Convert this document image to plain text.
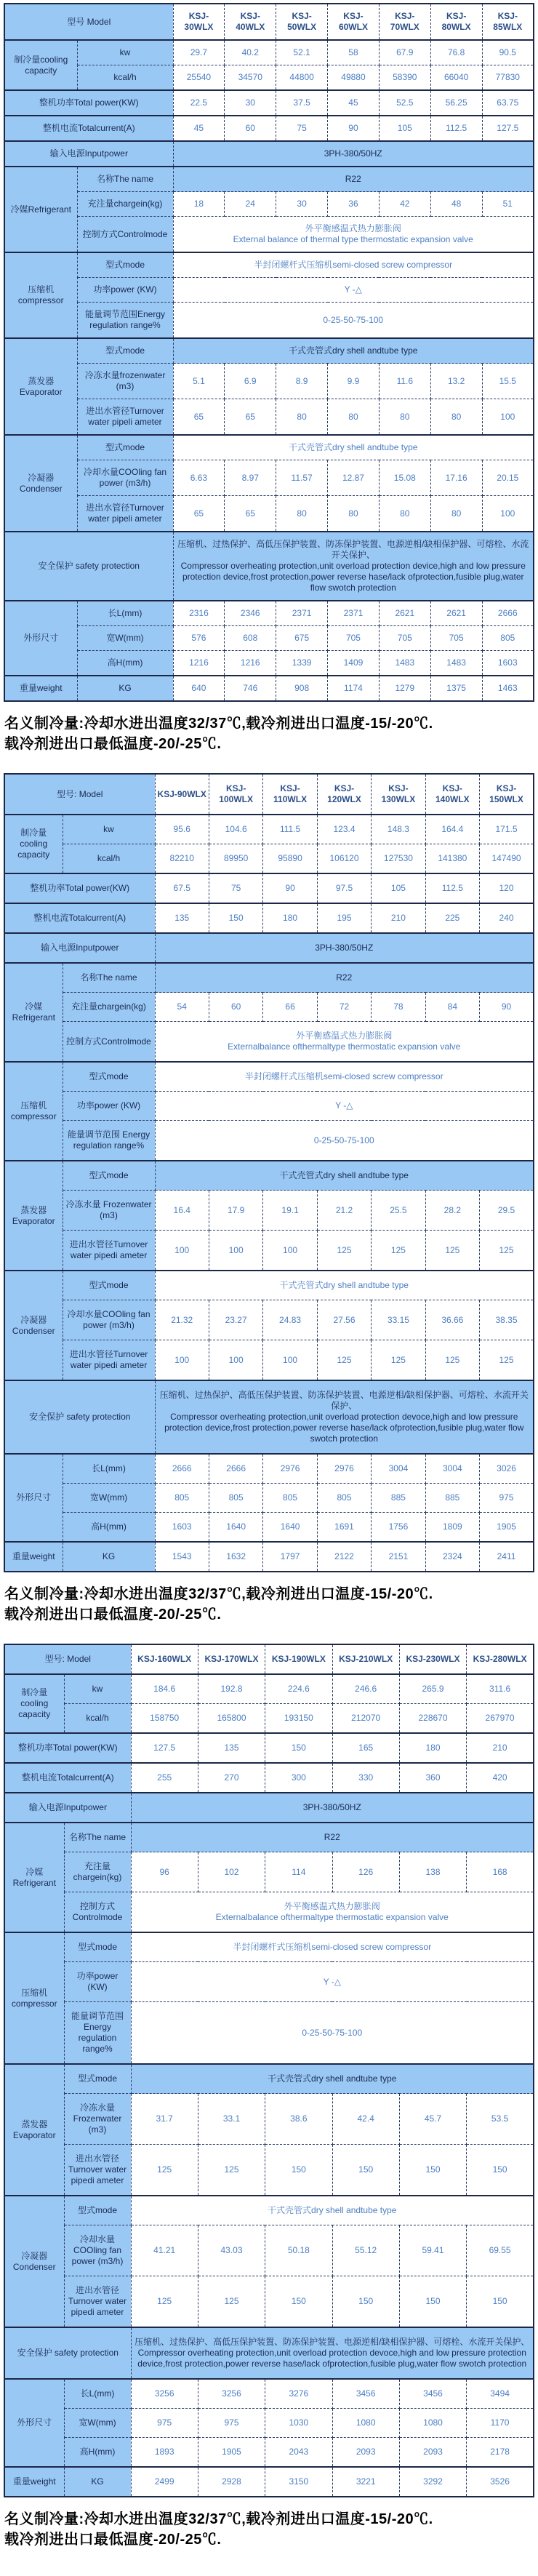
型号 Model		KSJ-30WLX	KSJ-40WLX	KSJ-50WLX	KSJ-60WLX	KSJ-70WLX	KSJ-80WLX	KSJ-85WLX
制冷量cooling capacity	kw	29.7	40.2	52.1	58	67.9	76.8	90.5
	kcal/h	25540	34570	44800	49880	58390	66040	77830
整机功率Total power(KW)		22.5	30	37.5	45	52.5	56.25	63.75
整机电流Totalcurrent(A)		45	60	75	90	105	112.5	127.5
输入电源Inputpower		3PH-380/50HZ						
冷媒Refrigerant	名称The name	R22						
	充注量chargein(kg)	18	24	30	36	42	48	51
	控制方式Controlmode	外平衡感温式热力膨胀阀
External balance of thermal type thermostatic expansion valve						
压缩机compressor	型式mode	半封闭螺杆式压缩机semi-closed screw compressor						
	功率power (KW)	Y -△						
	能量调节范围Energy regulation range%	0-25-50-75-100						
蒸发器 Evaporator	型式mode	干式壳管式dry shell andtube type						
	冷冻水量frozenwater (m3)	5.1	6.9	8.9	9.9	11.6	13.2	15.5
	进出水管径Turnover water pipeli ameter	65	65	80	80	80	80	100
冷凝器 Condenser	型式mode	干式壳管式dry shell andtube type						
	冷却水量COOling fan power (m3/h)	6.63	8.97	11.57	12.87	15.08	17.16	20.15
	进出水管径Turnover water pipeli ameter	65	65	80	80	80	80	100
安全保护 safety protection		压缩机、过热保护、高低压保护装置、防冻保护装置、电源逆相/缺相保护器、可熔栓、水流开关保护、
Compressor overheating protection,unit overload protection device,high and low pressure protection device,frost protection,power reverse hase/lack ofprotection,fusible plug,water flow swotch protection						
外形尺寸	长L(mm)	2316	2346	2371	2371	2621	2621	2666
	宽W(mm)	576	608	675	705	705	705	805
	高H(mm)	1216	1216	1339	1409	1483	1483	1603
重量weight	KG	640	746	908	1174	1279	1375	1463

名义制冷量:冷却水进出温度32/37℃,载冷剂进出口温度-15/-20℃.
载冷剂进出口最低温度-20/-25℃.

型号: Model		KSJ-90WLX	KSJ-100WLX	KSJ-110WLX	KSJ-120WLX	KSJ-130WLX	KSJ-140WLX	KSJ-150WLX
制冷量cooling capacity	kw	95.6	104.6	111.5	123.4	148.3	164.4	171.5
	kcal/h	82210	89950	95890	106120	127530	141380	147490
整机功率Total power(KW)		67.5	75	90	97.5	105	112.5	120
整机电流Totalcurrent(A)		135	150	180	195	210	225	240
输入电源Inputpower		3PH-380/50HZ						
冷媒Refrigerant	名称The name	R22						
	充注量chargein(kg)	54	60	66	72	78	84	90
	控制方式Controlmode	外平衡感温式热力膨胀阀
Externalbalance ofthermaltype thermostatic expansion valve						
压缩机compressor	型式mode	半封闭螺杆式压缩机semi-closed screw compressor						
	功率power (KW)	Y -△						
	能量调节范围 Energy regulation range%	0-25-50-75-100						
蒸发器 Evaporator	型式mode	干式壳管式dry shell andtube type						
	冷冻水量 Frozenwater (m3)	16.4	17.9	19.1	21.2	25.5	28.2	29.5
	进出水管径Turnover water pipedi ameter	100	100	100	125	125	125	125
冷凝器 Condenser	型式mode	干式壳管式dry shell andtube type						
	冷却水量COOling fan power (m3/h)	21.32	23.27	24.83	27.56	33.15	36.66	38.35
	进出水管径Turnover water pipedi ameter	100	100	100	125	125	125	125
安全保护 safety protection		压缩机、过热保护、高低压保护装置、防冻保护装置、电源逆相/缺相保护器、可熔栓、水流开关保护、
Compressor overheating protection,unit overload protection devoce,high and low pressure protection device,frost protection,power reverse hase/lack ofprotection,fusible plug,water flow swotch protection						
外形尺寸	长L(mm)	2666	2666	2976	2976	3004	3004	3026
	宽W(mm)	805	805	805	805	885	885	975
	高H(mm)	1603	1640	1640	1691	1756	1809	1905
重量weight	KG	1543	1632	1797	2122	2151	2324	2411

名义制冷量:冷却水进出温度32/37℃,载冷剂进出口温度-15/-20℃.
载冷剂进出口最低温度-20/-25℃.

型号: Model		KSJ-160WLX	KSJ-170WLX	KSJ-190WLX	KSJ-210WLX	KSJ-230WLX	KSJ-280WLX
制冷量 cooling capacity	kw	184.6	192.8	224.6	246.6	265.9	311.6
	kcal/h	158750	165800	193150	212070	228670	267970
整机功率Total power(KW)		127.5	135	150	165	180	210
整机电流Totalcurrent(A)		255	270	300	330	360	420
输入电源Inputpower		3PH-380/50HZ					
冷媒 Refrigerant	名称The name	R22					
	充注量 chargein(kg)	96	102	114	126	138	168
	控制方式 Controlmode	外平衡感温式热力膨胀阀
Externalbalance ofthermaltype thermostatic expansion valve					
压缩机 compressor	型式mode	半封闭螺杆式压缩机semi-closed screw compressor					
	功率power (KW)	Y -△					
	能量调节范围 Energy regulation range%	0-25-50-75-100					
蒸发器 Evaporator	型式mode	干式壳管式dry shell andtube type					
	冷冻水量 Frozenwater (m3)	31.7	33.1	38.6	42.4	45.7	53.5
	进出水管径 Turnover water pipedi ameter	125	125	150	150	150	150
冷凝器 Condenser	型式mode	干式壳管式dry shell andtube type					
	冷却水量COOling fan power (m3/h)	41.21	43.03	50.18	55.12	59.41	69.55
	进出水管径 Turnover water pipedi ameter	125	125	150	150	150	150
安全保护 safety protection		压缩机、过热保护、高低压保护装置、防冻保护装置、电源逆相/缺相保护器、可熔栓、水流开关保护、
Compressor overheating protection,unit overload protection devoce,high and low pressure protection device,frost protection,power reverse hase/lack ofprotection,fusible plug,water flow swotch protection					
外形尺寸	长L(mm)	3256	3256	3276	3456	3456	3494
	宽W(mm)	975	975	1030	1080	1080	1170
	高H(mm)	1893	1905	2043	2093	2093	2178
重量weight	KG	2499	2928	3150	3221	3292	3526

名义制冷量:冷却水进出温度32/37℃,载冷剂进出口温度-15/-20℃.
载冷剂进出口最低温度-20/-25℃.
